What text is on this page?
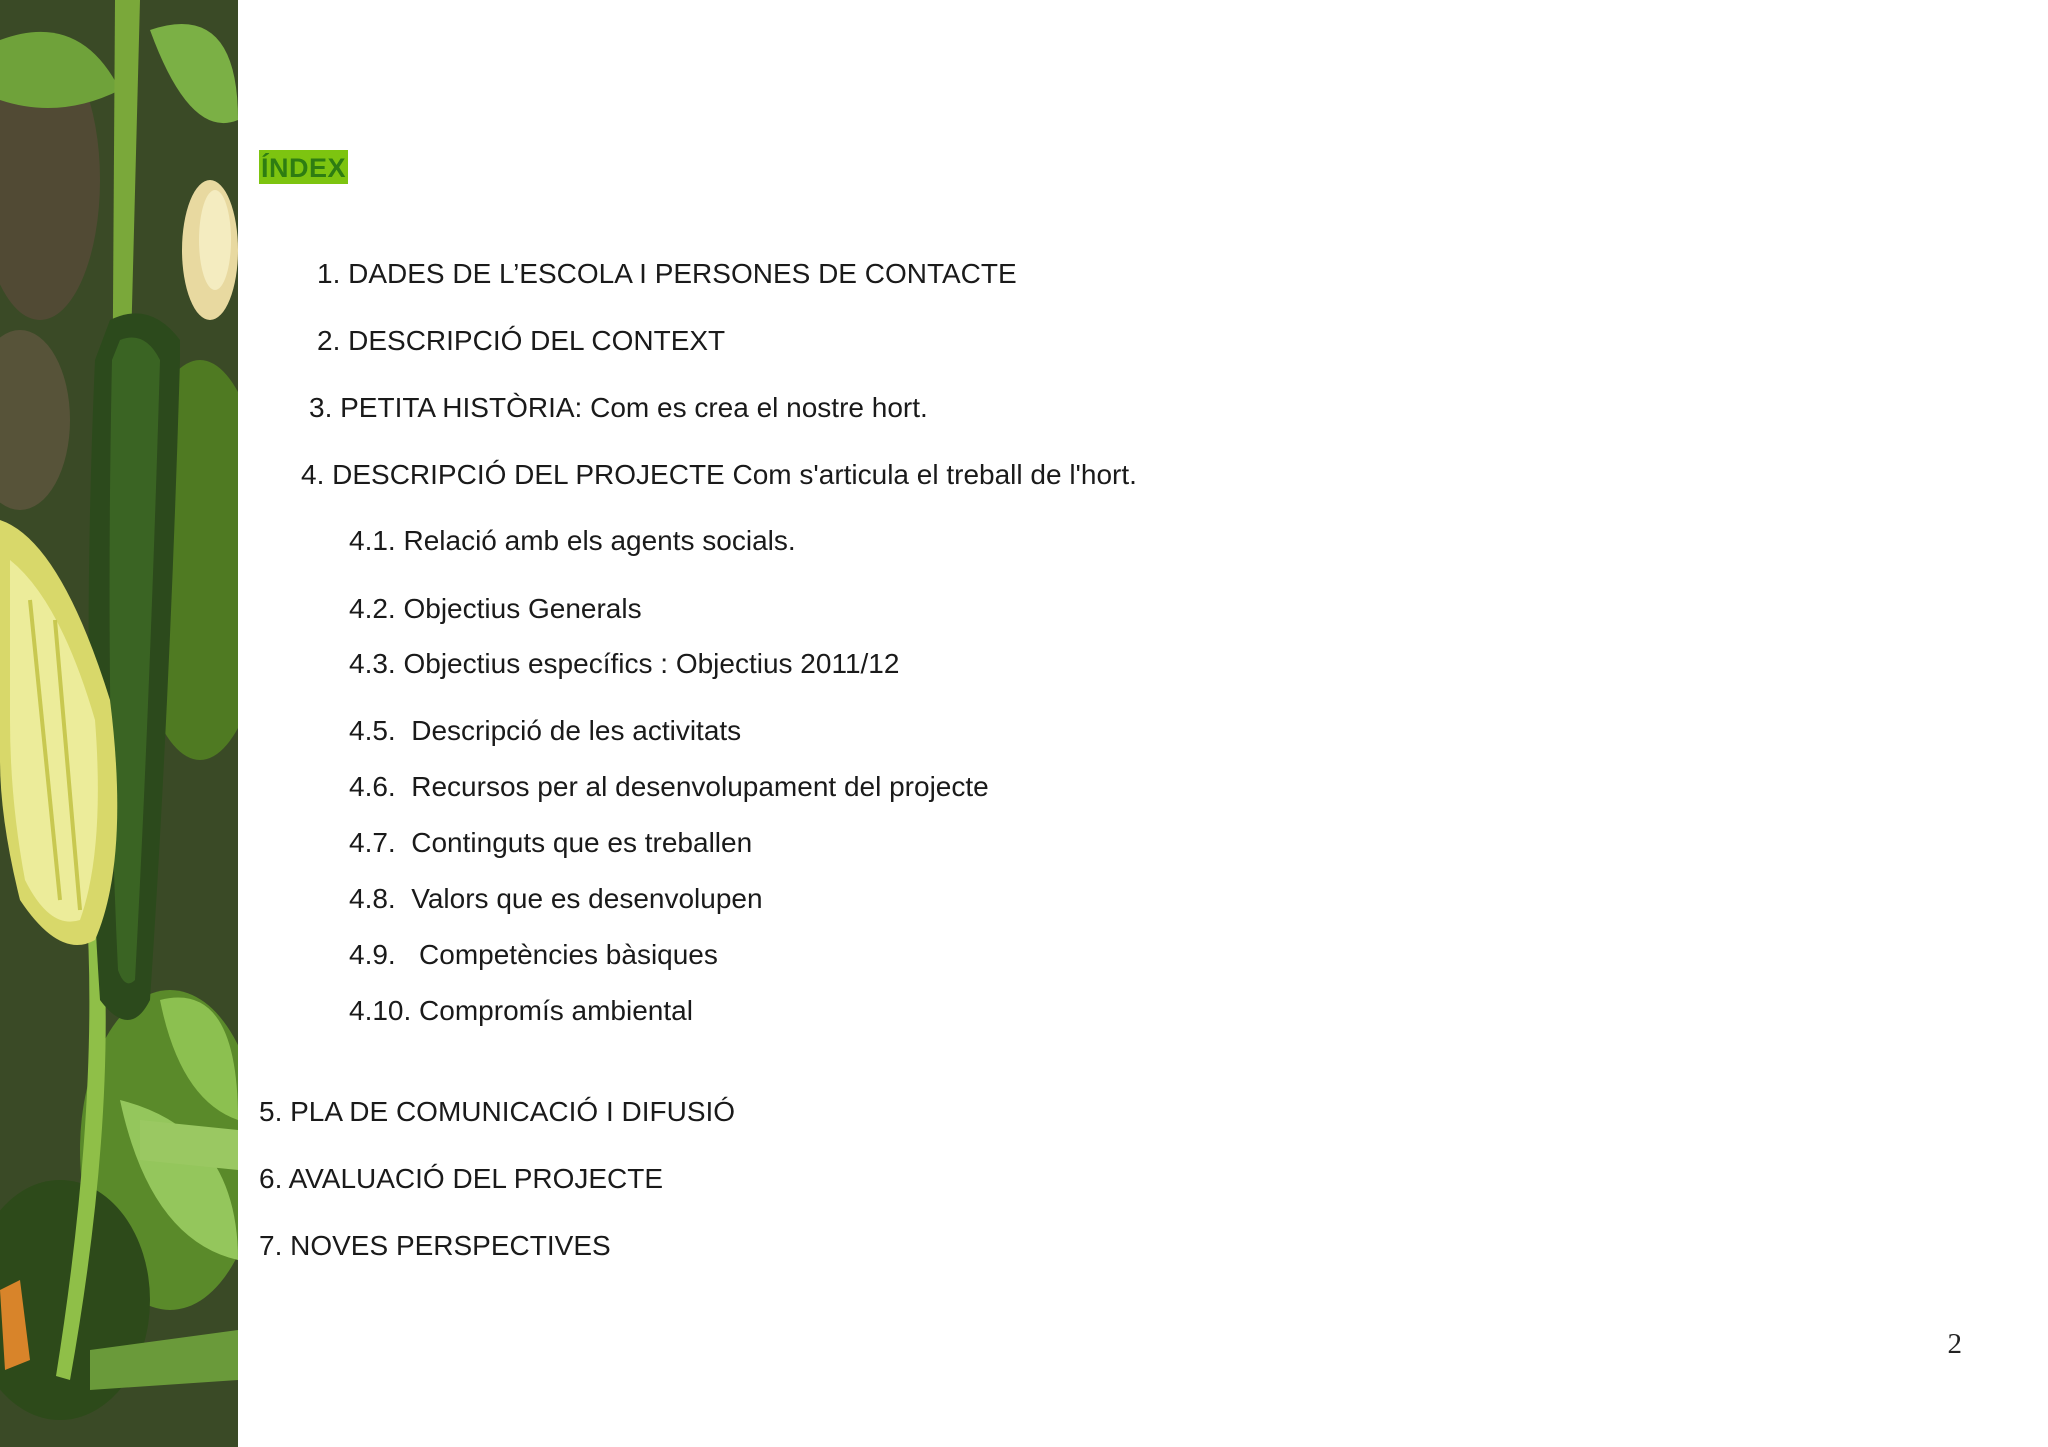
ÍNDEX
1. DADES DE L’ESCOLA I PERSONES DE CONTACTE
2. DESCRIPCIÓ DEL CONTEXT
3. PETITA HISTÒRIA: Com es crea el nostre hort.
4. DESCRIPCIÓ DEL PROJECTE Com s'articula el treball de l'hort.
4.1. Relació amb els agents socials.
4.2. Objectius Generals
4.3. Objectius específics : Objectius 2011/12
4.5.  Descripció de les activitats
4.6.  Recursos per al desenvolupament del projecte
4.7.  Continguts que es treballen
4.8.  Valors que es desenvolupen
4.9.   Competències bàsiques
4.10. Compromís ambiental
5. PLA DE COMUNICACIÓ I DIFUSIÓ
6. AVALUACIÓ DEL PROJECTE
7. NOVES PERSPECTIVES
2
